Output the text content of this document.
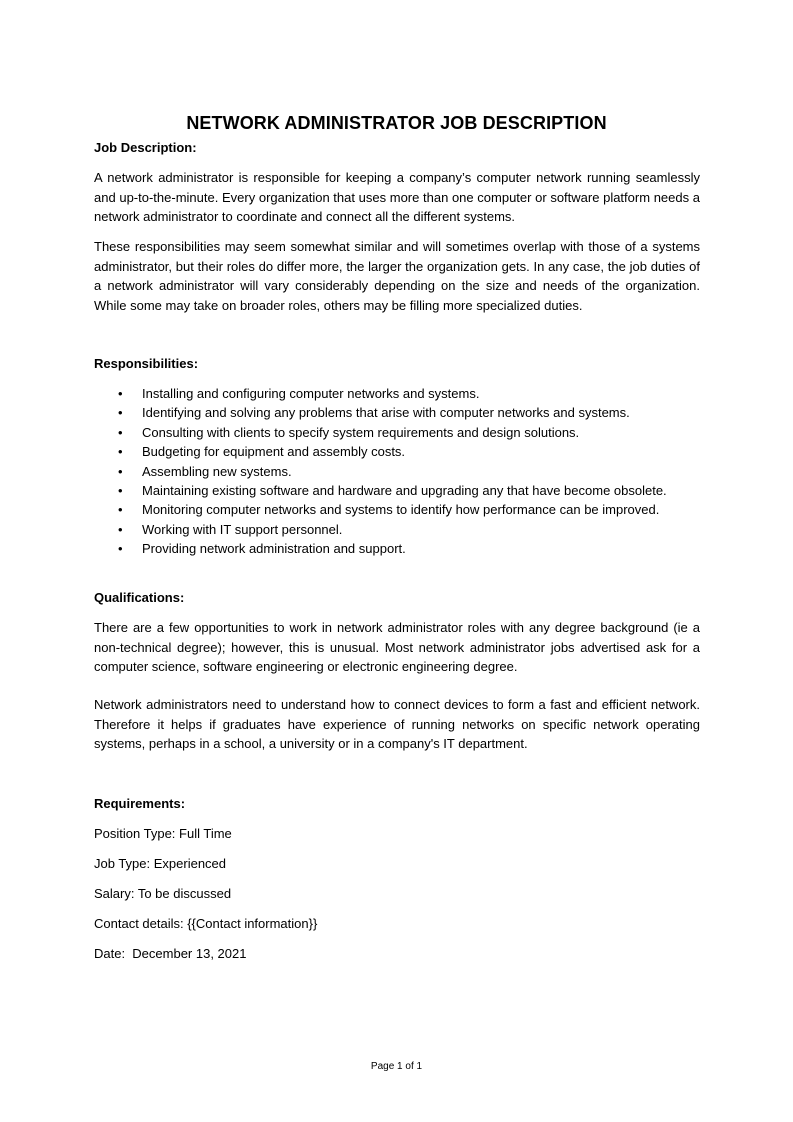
NETWORK ADMINISTRATOR JOB DESCRIPTION
Job Description:

A network administrator is responsible for keeping a company’s computer network running seamlessly and up-to-the-minute. Every organization that uses more than one computer or software platform needs a network administrator to coordinate and connect all the different systems.

These responsibilities may seem somewhat similar and will sometimes overlap with those of a systems administrator, but their roles do differ more, the larger the organization gets. In any case, the job duties of a network administrator will vary considerably depending on the size and needs of the organization. While some may take on broader roles, others may be filling more specialized duties.

Responsibilities:
• Installing and configuring computer networks and systems.
• Identifying and solving any problems that arise with computer networks and systems.
• Consulting with clients to specify system requirements and design solutions.
• Budgeting for equipment and assembly costs.
• Assembling new systems.
• Maintaining existing software and hardware and upgrading any that have become obsolete.
• Monitoring computer networks and systems to identify how performance can be improved.
• Working with IT support personnel.
• Providing network administration and support.
Qualifications:

There are a few opportunities to work in network administrator roles with any degree background (ie a non-technical degree); however, this is unusual. Most network administrator jobs advertised ask for a computer science, software engineering or electronic engineering degree.

Network administrators need to understand how to connect devices to form a fast and efficient network. Therefore it helps if graduates have experience of running networks on specific network operating systems, perhaps in a school, a university or in a company's IT department.

Requirements:
Position Type: Full Time
Job Type: Experienced
Salary: To be discussed
Contact details: {{Contact information}}
Date:  December 13, 2021
Page 1 of 1
